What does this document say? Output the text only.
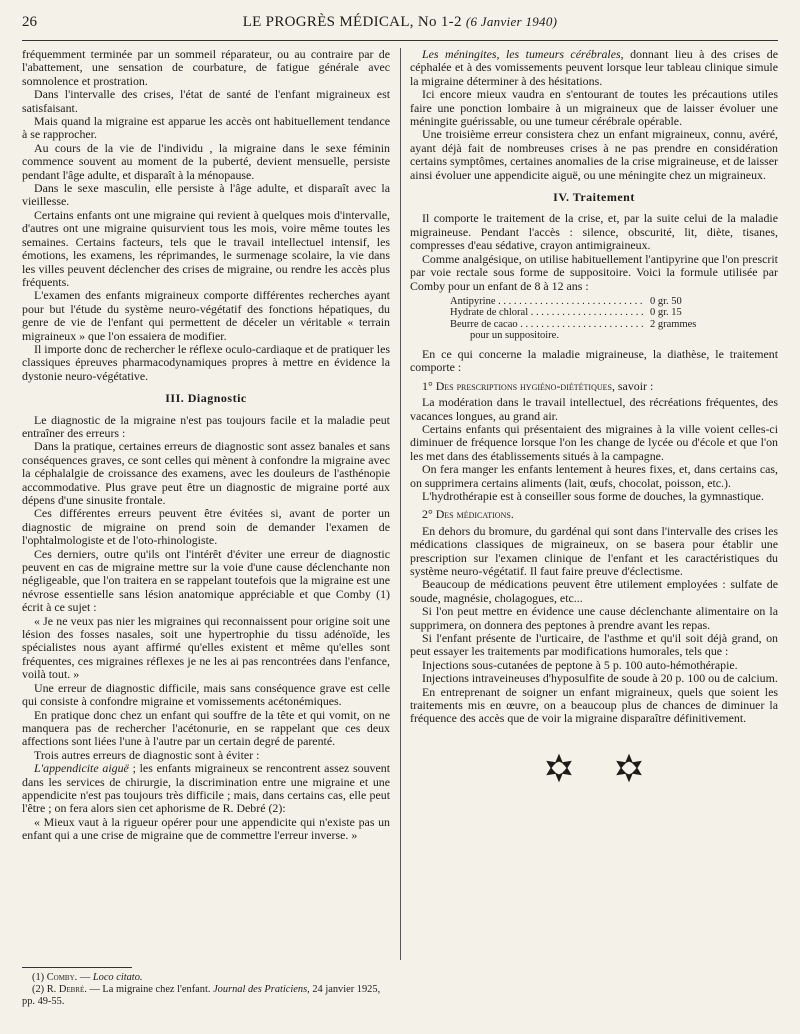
26	LE PROGRÈS MÉDICAL, No 1-2 (6 Janvier 1940)

fréquemment terminée par un sommeil réparateur, ou au contraire par de l'abattement, une sensation de courbature, de fatigue générale avec somnolence et prostration.

Dans l'intervalle des crises, l'état de santé de l'enfant migraineux est satisfaisant.

Mais quand la migraine est apparue les accès ont habituellement tendance à se rapprocher.

Au cours de la vie de l'individu , la migraine dans le sexe féminin commence souvent au moment de la puberté, devient mensuelle, persiste pendant l'âge adulte, et disparaît à la ménopause.

Dans le sexe masculin, elle persiste à l'âge adulte, et disparaît avec la vieillesse.

Certains enfants ont une migraine qui revient à quelques mois d'intervalle, d'autres ont une migraine quisurvient tous les mois, voire même toutes les semaines. Certains facteurs, tels que le travail intellectuel intensif, les émotions, les examens, les réprimandes, le surmenage scolaire, la vie dans les villes peuvent déclencher des crises de migraine, ou rendre les accès plus fréquents.

L'examen des enfants migraineux comporte différentes recherches ayant pour but l'étude du système neuro-végétatif des fonctions hépatiques, du genre de vie de l'enfant qui permettent de déceler un véritable « terrain migraineux » que l'on essaiera de modifier.

Il importe donc de rechercher le réflexe oculo-cardiaque et de pratiquer les classiques épreuves pharmacodynamiques propres à mettre en évidence la dystonie neuro-végétative.

III. Diagnostic

Le diagnostic de la migraine n'est pas toujours facile et la maladie peut entraîner des erreurs :

Dans la pratique, certaines erreurs de diagnostic sont assez banales et sans conséquences graves, ce sont celles qui mènent à confondre la migraine avec la céphalalgie de croissance des examens, avec les douleurs de l'asthénopie accommodative. Plus grave peut être un diagnostic de migraine porté aux dépens d'une sinusite frontale.

Ces différentes erreurs peuvent être évitées si, avant de porter un diagnostic de migraine on prend soin de demander l'examen de l'ophtalmologiste et de l'oto-rhinologiste.

Ces derniers, outre qu'ils ont l'intérêt d'éviter une erreur de diagnostic peuvent en cas de migraine mettre sur la voie d'une cause déclenchante non négligeable, que l'on traitera en se rappelant toutefois que la migraine est une névrose essentielle sans lésion anatomique appréciable et que Comby (1) écrit à ce sujet :

« Je ne veux pas nier les migraines qui reconnaissent pour origine soit une lésion des fosses nasales, soit une hypertrophie du tissu adénoïde, les spécialistes nous ayant affirmé qu'elles existent et même qu'elles sont fréquentes, ces migraines réflexes je ne les ai pas rencontrées dans l'enfance, voilà tout. »

Une erreur de diagnostic difficile, mais sans conséquence grave est celle qui consiste à confondre migraine et vomissements acétonémiques.

En pratique donc chez un enfant qui souffre de la tête et qui vomit, on ne manquera pas de rechercher l'acétonurie, en se rappelant que ces deux affections sont liées l'une à l'autre par un certain degré de parenté.

Trois autres erreurs de diagnostic sont à éviter :

L'appendicite aiguë ; les enfants migraineux se rencontrent assez souvent dans les services de chirurgie, la discrimination entre une migraine et une appendicite n'est pas toujours très difficile ; mais, dans certains cas, elle peut l'être ; on fera alors sien cet aphorisme de R. Debré (2):

« Mieux vaut à la rigueur opérer pour une appendicite qui n'existe pas un enfant qui a une crise de migraine que de commettre l'erreur inverse. »

Les méningites, les tumeurs cérébrales, donnant lieu à des crises de céphalée et à des vomissements peuvent lorsque leur tableau clinique simule la migraine déterminer à des hésitations.

Ici encore mieux vaudra en s'entourant de toutes les précautions utiles faire une ponction lombaire à un migraineux que de laisser évoluer une méningite guérissable, ou une tumeur cérébrale opérable.

Une troisième erreur consistera chez un enfant migraineux, connu, avéré, ayant déjà fait de nombreuses crises à ne pas prendre en considération certains symptômes, certaines anomalies de la crise migraineuse, et de laisser ainsi évoluer une appendicite aiguë, ou une méningite chez un migraineux.

IV. Traitement

Il comporte le traitement de la crise, et, par la suite celui de la maladie migraineuse. Pendant l'accès : silence, obscurité, lit, diète, tisanes, compresses d'eau sédative, crayon antimigraineux.

Comme analgésique, on utilise habituellement l'antipyrine que l'on prescrit par voie rectale sous forme de suppositoire. Voici la formule utilisée par Comby pour un enfant de 8 à 12 ans :

Antipyrine . . .	0 gr. 50
Hydrate de chloral . . .	0 gr. 15
Beurre de cacao . . .	2 grammes
pour un suppositoire.

En ce qui concerne la maladie migraineuse, la diathèse, le traitement comporte :

1° Des prescriptions hygiéno-diététiques, savoir :

La modération dans le travail intellectuel, des récréations fréquentes, des vacances longues, au grand air.

Certains enfants qui présentaient des migraines à la ville voient celles-ci diminuer de fréquence lorsque l'on les change de lycée ou d'école et que l'on les met dans des établissements situés à la campagne.

On fera manger les enfants lentement à heures fixes, et, dans certains cas, on supprimera certains aliments (lait, œufs, chocolat, poisson, etc.).

L'hydrothérapie est à conseiller sous forme de douches, la gymnastique.

2° Des médications.

En dehors du bromure, du gardénal qui sont dans l'intervalle des crises les médications classiques de migraineux, on se basera pour établir une prescription sur l'examen clinique de l'enfant et les caractéristiques du système neuro-végétatif. Il faut faire preuve d'éclectisme.

Beaucoup de médications peuvent être utilement employées : sulfate de soude, magnésie, cholagogues, etc...

Si l'on peut mettre en évidence une cause déclenchante alimentaire on la supprimera, on donnera des peptones à prendre avant les repas.

Si l'enfant présente de l'urticaire, de l'asthme et qu'il soit déjà grand, on peut essayer les traitements par modifications humorales, tels que :

Injections sous-cutanées de peptone à 5 p. 100 auto-hémothérapie.

Injections intraveineuses d'hyposulfite de soude à 20 p. 100 ou de calcium.

En entreprenant de soigner un enfant migraineux, quels que soient les traitements mis en œuvre, on a beaucoup plus de chances de diminuer la fréquence des accès que de voir la migraine disparaître définitivement.

(1) Comby. — Loco citato.

(2) R. Debré. — La migraine chez l'enfant. Journal des Praticiens, 24 janvier 1925, pp. 49-55.
